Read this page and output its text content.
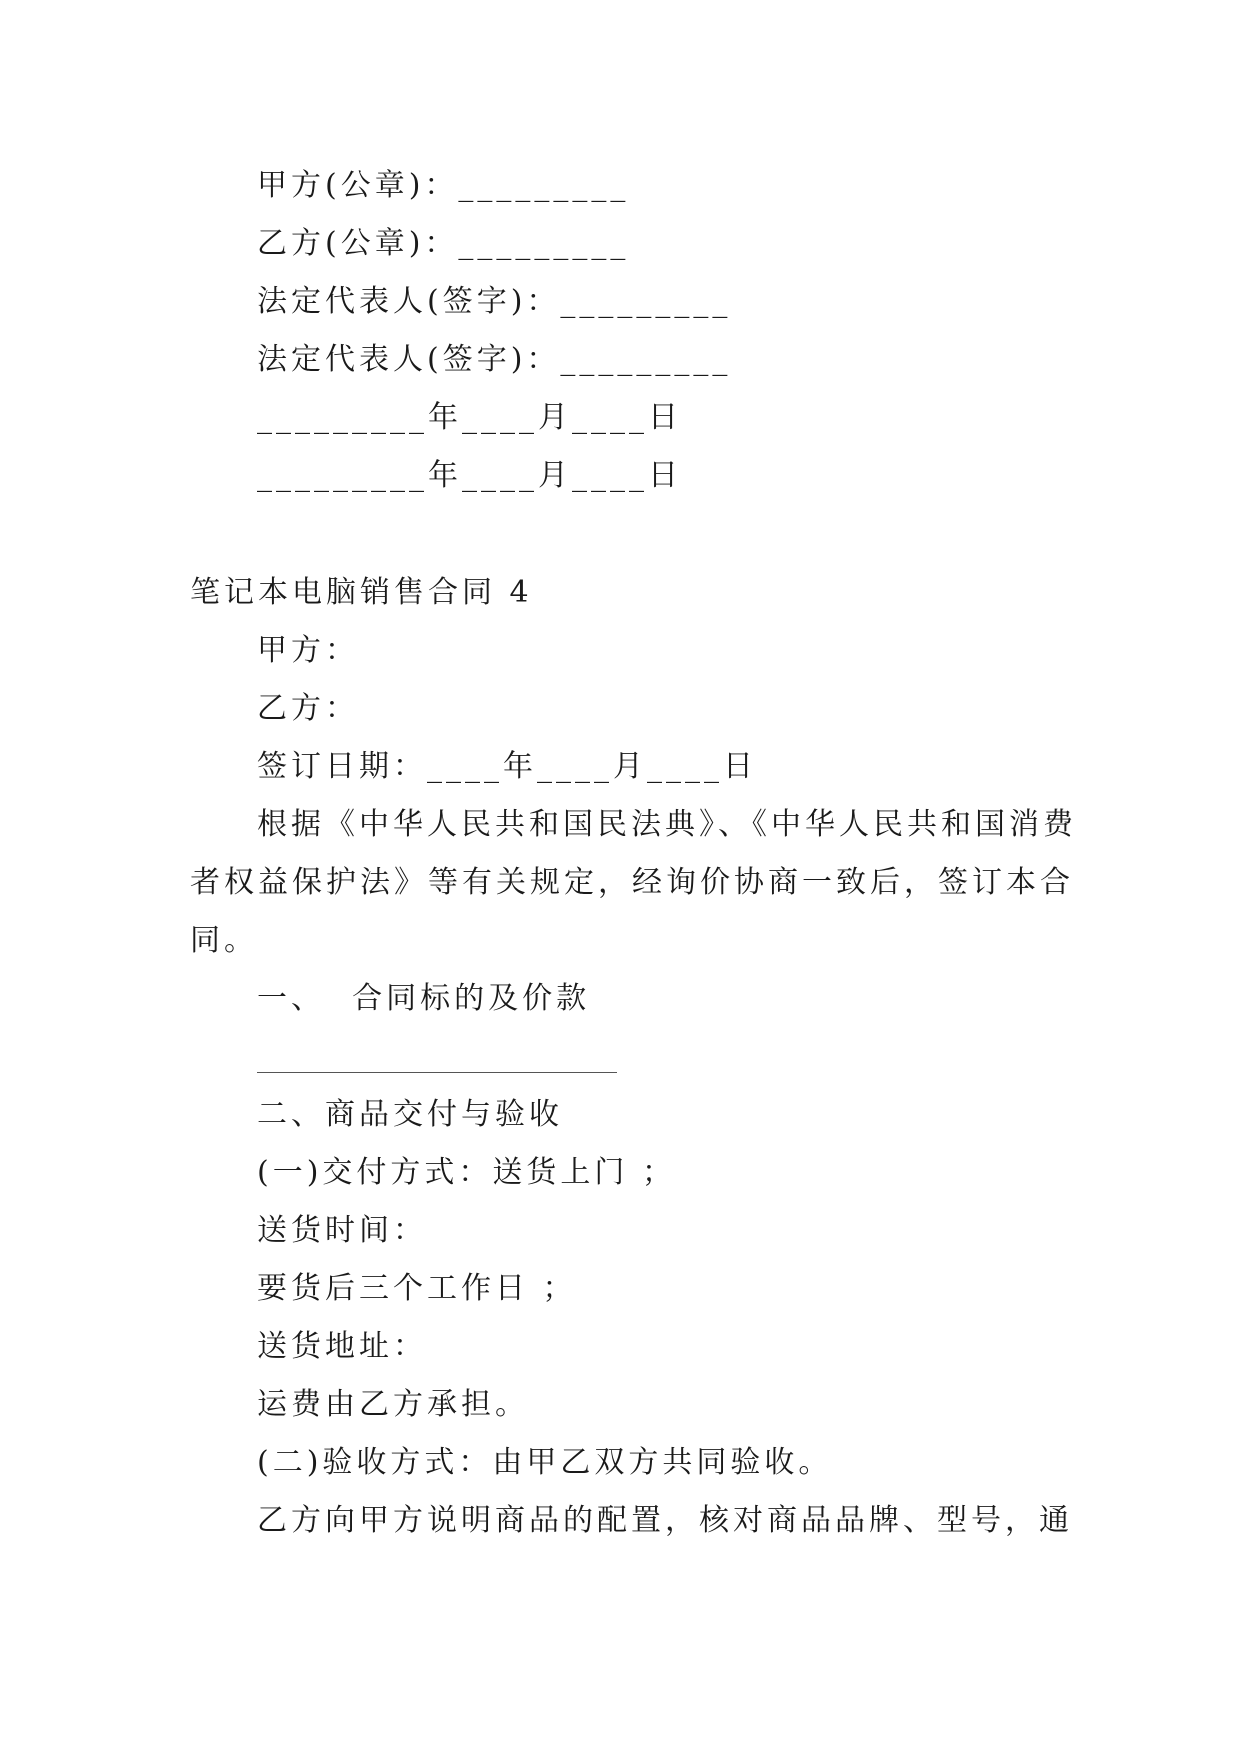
甲方(公章)：_________
乙方(公章)：_________
法定代表人(签字)：_________
法定代表人(签字)：_________
_________年____月____日
_________年____月____日
笔记本电脑销售合同 4
甲方：
乙方：
签订日期：____年____月____日
根据《中华人民共和国民法典》、《中华人民共和国消费
者权益保护法》等有关规定，经询价协商一致后，签订本合
同。
一、  合同标的及价款
二、商品交付与验收
(一)交付方式：送货上门 ；
送货时间：
要货后三个工作日 ；
送货地址：
运费由乙方承担。
(二)验收方式：由甲乙双方共同验收。
乙方向甲方说明商品的配置，核对商品品牌、型号，通
